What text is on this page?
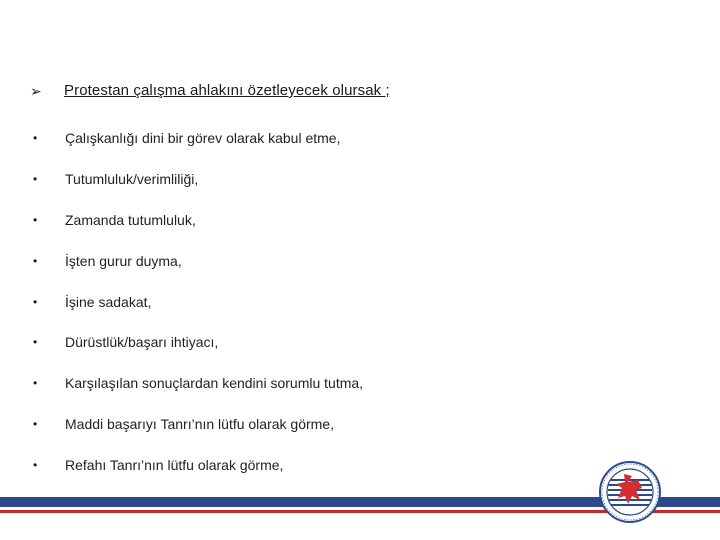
➢	Protestan çalışma ahlakını özetleyecek olursak ;
•	Çalışkanlığı dini bir görev olarak kabul etme,
•	Tutumluluk/verimliliği,
•	Zamanda tutumluluk,
•	İşten gurur duyma,
•	İşine sadakat,
•	Dürüstlük/başarı ihtiyacı,
•	Karşılaşılan sonuçlardan kendini sorumlu tutma,
•	Maddi başarıyı Tanrı’nın lütfu olarak görme,
•	Refahı Tanrı’nın lütfu olarak görme,
